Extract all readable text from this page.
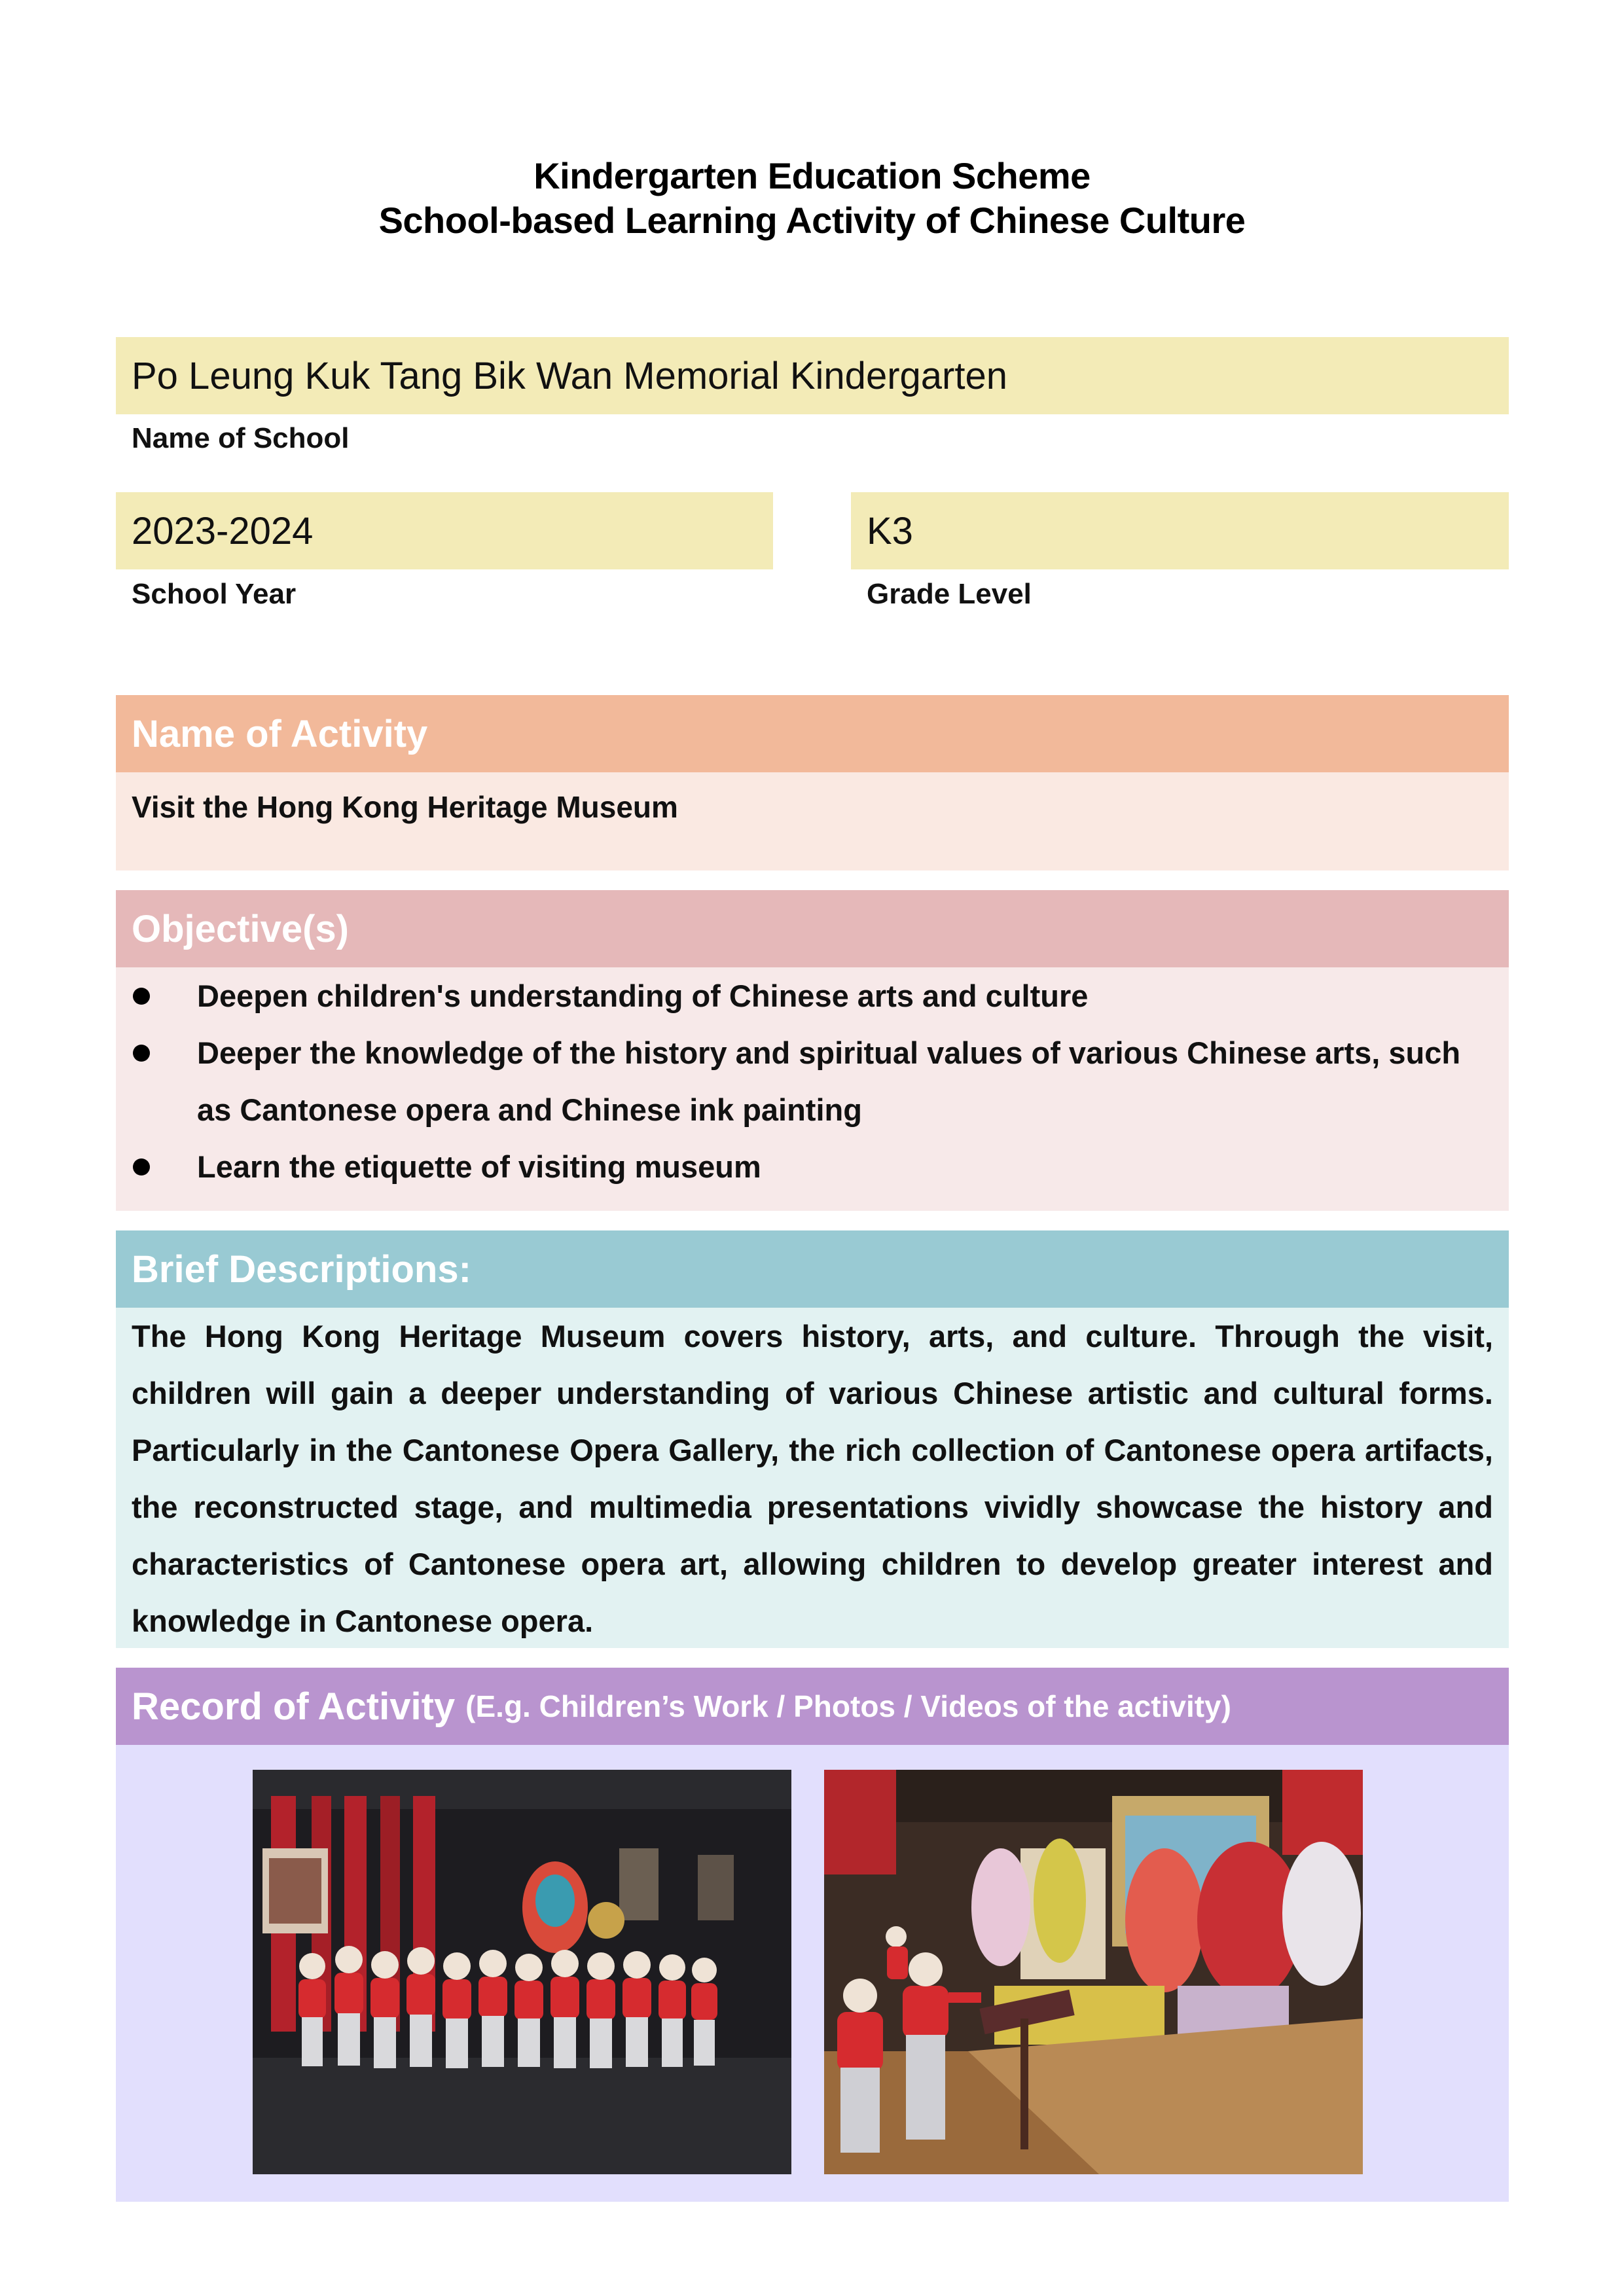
Kindergarten Education Scheme
School-based Learning Activity of Chinese Culture
Po Leung Kuk Tang Bik Wan Memorial Kindergarten
Name of School
2023-2024
School Year
K3
Grade Level
Name of Activity
Visit the Hong Kong Heritage Museum
Objective(s)
Deepen children's understanding of Chinese arts and culture
Deeper the knowledge of the history and spiritual values of various Chinese arts, such as Cantonese opera and Chinese ink painting
Learn the etiquette of visiting museum
Brief Descriptions:
The Hong Kong Heritage Museum covers history, arts, and culture. Through the visit, children will gain a deeper understanding of various Chinese artistic and cultural forms. Particularly in the Cantonese Opera Gallery, the rich collection of Cantonese opera artifacts, the reconstructed stage, and multimedia presentations vividly showcase the history and characteristics of Cantonese opera art, allowing children to develop greater interest and knowledge in Cantonese opera.
Record of Activity (E.g. Children’s Work / Photos / Videos of the activity)
